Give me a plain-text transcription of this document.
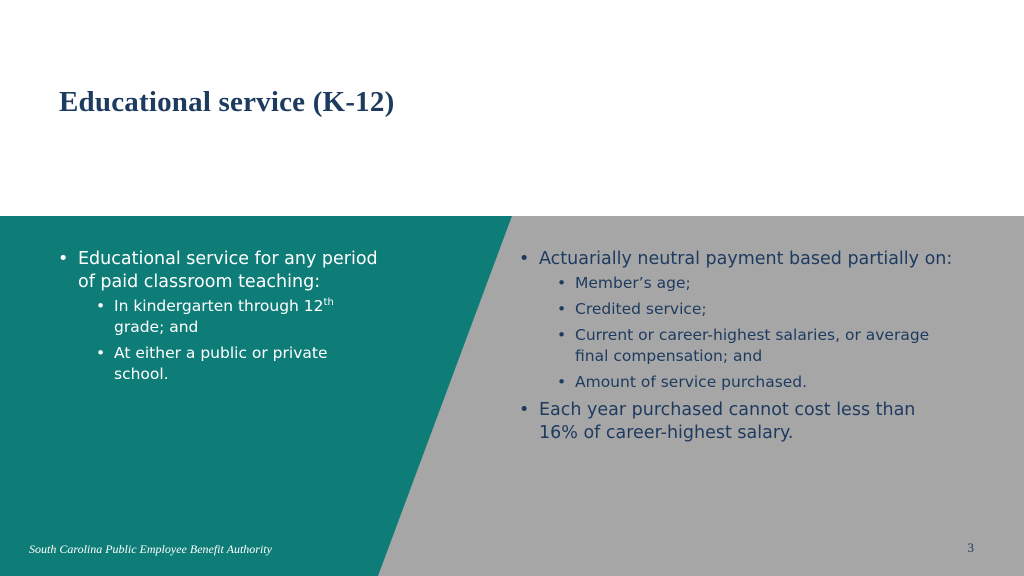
Educational service (K-12)
• Educational service for any period of paid classroom teaching:
• In kindergarten through 12th grade; and
• At either a public or private school.
• Actuarially neutral payment based partially on:
• Member’s age;
• Credited service;
• Current or career-highest salaries, or average final compensation; and
• Amount of service purchased.
• Each year purchased cannot cost less than 16% of career-highest salary.
South Carolina Public Employee Benefit Authority	3
